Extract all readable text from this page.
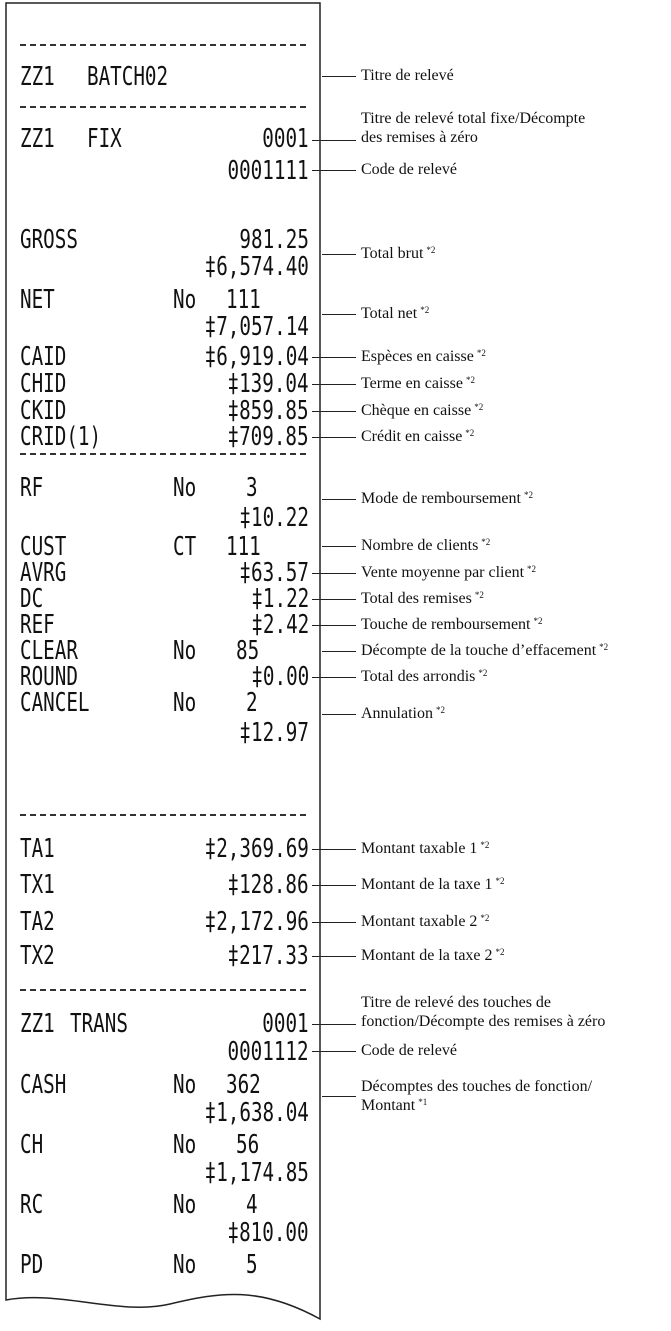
ZZ1 BATCH02
ZZ1 FIX	0001
0001111
GROSS	981.25
‡6,574.40
NET	No 111
‡7,057.14
CAID	‡6,919.04
CHID	‡139.04
CKID	‡859.85
CRID(1)	‡709.85
RF	No 3
‡10.22
CUST	CT 111
AVRG	‡63.57
DC	‡1.22
REF	‡2.42
CLEAR	No 85
ROUND	‡0.00
CANCEL	No 2
‡12.97
TA1	‡2,369.69
TX1	‡128.86
TA2	‡2,172.96
TX2	‡217.33
ZZ1 TRANS	0001
0001112
CASH	No 362
‡1,638.04
CH	No 56
‡1,174.85
RC	No 4
‡810.00
PD	No 5
Titre de relevé
Titre de relevé total fixe/Décompte
des remises à zéro
Code de relevé
Total brut $^{*2}$
Total net $^{*2}$
Espèces en caisse $^{*2}$
Terme en caisse $^{*2}$
Chèque en caisse $^{*2}$
Crédit en caisse $^{*2}$
Mode de remboursement $^{*2}$
Nombre de clients $^{*2}$
Vente moyenne par client $^{*2}$
Total des remises $^{*2}$
Touche de remboursement $^{*2}$
Décompte de la touche d’effacement $^{*2}$
Total des arrondis $^{*2}$
Annulation $^{*2}$
Montant taxable 1 $^{*2}$
Montant de la taxe 1 $^{*2}$
Montant taxable 2 $^{*2}$
Montant de la taxe 2 $^{*2}$
Titre de relevé des touches de
fonction/Décompte des remises à zéro
Code de relevé
Décomptes des touches de fonction/
Montant $^{*1}$
